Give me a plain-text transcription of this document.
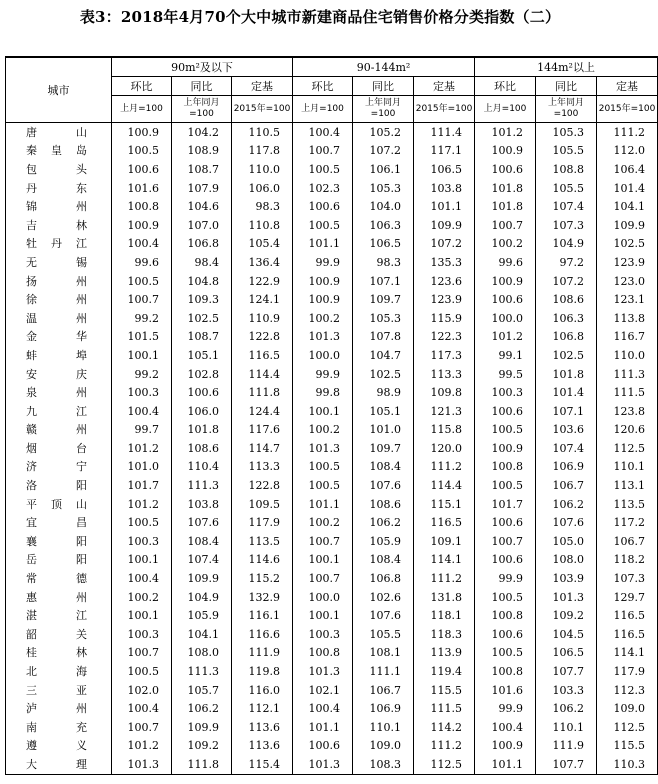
表3：2018年4月70个大中城市新建商品住宅销售价格分类指数（二）
城市	90m²及以下			90-144m²			144m²以上		
	环比	同比	定基	环比	同比	定基	环比	同比	定基
	上月=100	上年同月=100	2015年=100	上月=100	上年同月=100	2015年=100	上月=100	上年同月=100	2015年=100
唐山	100.9	104.2	110.5	100.4	105.2	111.4	101.2	105.3	111.2
秦皇岛	100.5	108.9	117.8	100.7	107.2	117.1	100.9	105.5	112.0
包头	100.6	108.7	110.0	100.5	106.1	106.5	100.6	108.8	106.4
丹东	101.6	107.9	106.0	102.3	105.3	103.8	101.8	105.5	101.4
锦州	100.8	104.6	98.3	100.6	104.0	101.1	101.8	107.4	104.1
吉林	100.9	107.0	110.8	100.5	106.3	109.9	100.7	107.3	109.9
牡丹江	100.4	106.8	105.4	101.1	106.5	107.2	100.2	104.9	102.5
无锡	99.6	98.4	136.4	99.9	98.3	135.3	99.6	97.2	123.9
扬州	100.5	104.8	122.9	100.9	107.1	123.6	100.9	107.2	123.0
徐州	100.7	109.3	124.1	100.9	109.7	123.9	100.6	108.6	123.1
温州	99.2	102.5	110.9	100.2	105.3	115.9	100.0	106.3	113.8
金华	101.5	108.7	122.8	101.3	107.8	122.3	101.2	106.8	116.7
蚌埠	100.1	105.1	116.5	100.0	104.7	117.3	99.1	102.5	110.0
安庆	99.2	102.8	114.4	99.9	102.5	113.3	99.5	101.8	111.3
泉州	100.3	100.6	111.8	99.8	98.9	109.8	100.3	101.4	111.5
九江	100.4	106.0	124.4	100.1	105.1	121.3	100.6	107.1	123.8
赣州	99.7	101.8	117.6	100.2	101.0	115.8	100.5	103.6	120.6
烟台	101.2	108.6	114.7	101.3	109.7	120.0	100.9	107.4	112.5
济宁	101.0	110.4	113.3	100.5	108.4	111.2	100.8	106.9	110.1
洛阳	101.7	111.3	122.8	100.5	107.6	114.4	100.5	106.7	113.1
平顶山	101.2	103.8	109.5	101.1	108.6	115.1	101.7	106.2	113.5
宜昌	100.5	107.6	117.9	100.2	106.2	116.5	100.6	107.6	117.2
襄阳	100.3	108.4	113.5	100.7	105.9	109.1	100.7	105.0	106.7
岳阳	100.1	107.4	114.6	100.1	108.4	114.1	100.6	108.0	118.2
常德	100.4	109.9	115.2	100.7	106.8	111.2	99.9	103.9	107.3
惠州	100.2	104.9	132.9	100.0	102.6	131.8	100.5	101.3	129.7
湛江	100.1	105.9	116.1	100.1	107.6	118.1	100.8	109.2	116.5
韶关	100.3	104.1	116.6	100.3	105.5	118.3	100.6	104.5	116.5
桂林	100.7	108.0	111.9	100.8	108.1	113.9	100.5	106.5	114.1
北海	100.5	111.3	119.8	101.3	111.1	119.4	100.8	107.7	117.9
三亚	102.0	105.7	116.0	102.1	106.7	115.5	101.6	103.3	112.3
泸州	100.4	106.2	112.1	100.4	106.9	111.5	99.9	106.2	109.0
南充	100.7	109.9	113.6	101.1	110.1	114.2	100.4	110.1	112.5
遵义	101.2	109.2	113.6	100.6	109.0	111.2	100.9	111.9	115.5
大理	101.3	111.8	115.4	101.3	108.3	112.5	101.1	107.7	110.3
